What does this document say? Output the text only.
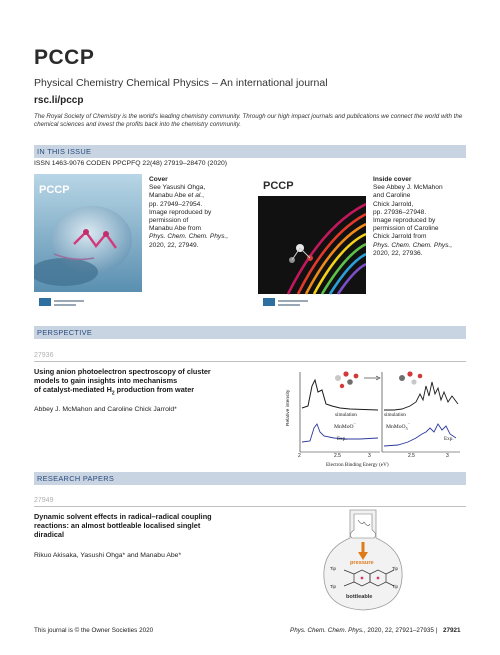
PCCP
Physical Chemistry Chemical Physics – An international journal
rsc.li/pccp
The Royal Society of Chemistry is the world’s leading chemistry community. Through our high impact journals and publications we connect the world with the chemical sciences and invest the profits back into the chemistry community.
IN THIS ISSUE
ISSN 1463-9076 CODEN PPCPFQ 22(48) 27919–28470 (2020)
PCCP
Cover
See Yasushi Ohga,
Manabu Abe et al.,
pp. 27949–27954.
Image reproduced by
permission of
Manabu Abe from
Phys. Chem. Chem. Phys.,
2020, 22, 27949.
PCCP
Inside cover
See Abbey J. McMahon
and Caroline
Chick Jarrold,
pp. 27936–27948.
Image reproduced by
permission of Caroline
Chick Jarrold from
Phys. Chem. Chem. Phys.,
2020, 22, 27936.
PERSPECTIVE
27936
Using anion photoelectron spectroscopy of cluster
models to gain insights into mechanisms
of catalyst-mediated $H_2$ production from water
Abbey J. McMahon and Caroline Chick Jarrold*	Relative intensity	simulation	simulation
MnMoO−
MnMoO$_5$−
Exp.	Exp.
2	2.5	3	2.5	3
Electron Binding Energy (eV)
RESEARCH PAPERS
27949
Dynamic solvent effects in radical–radical coupling
reactions: an almost bottleable localised singlet
diradical
Rikuo Akisaka, Yasushi Ohga* and Manabu Abe*
pressure
Tip
Tip
Tip
Tip
bottleable
This journal is © the Owner Societies 2020	Phys. Chem. Chem. Phys., 2020, 22, 27921–27935 | 27921
